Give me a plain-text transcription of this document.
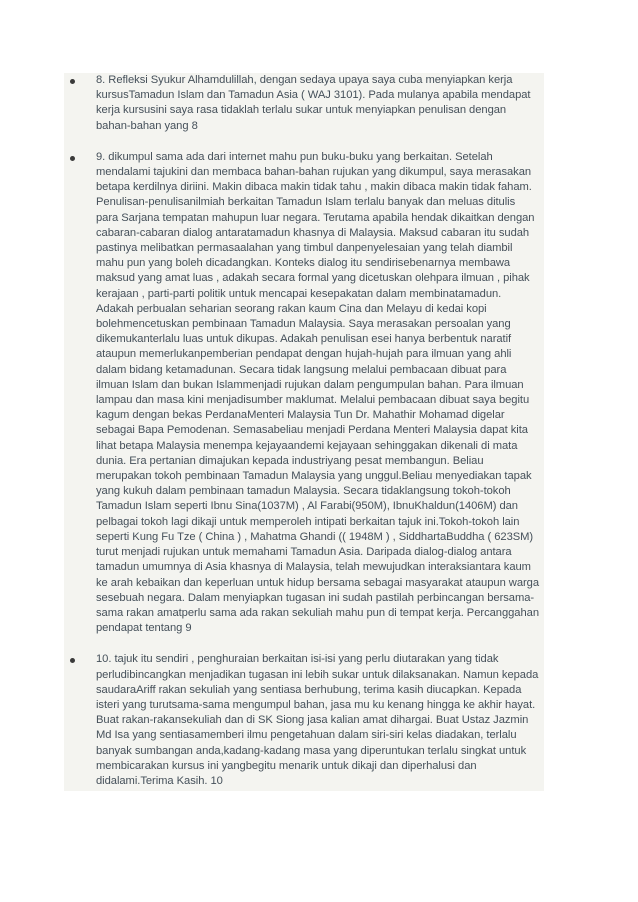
8. Refleksi Syukur Alhamdulillah, dengan sedaya upaya saya cuba menyiapkan kerja kursusTamadun Islam dan Tamadun Asia ( WAJ 3101). Pada mulanya apabila mendapat kerja kursusini saya rasa tidaklah terlalu sukar untuk menyiapkan penulisan dengan bahan-bahan yang 8
9. dikumpul sama ada dari internet mahu pun buku-buku yang berkaitan. Setelah mendalami tajukini dan membaca bahan-bahan rujukan yang dikumpul, saya merasakan betapa kerdilnya diriini. Makin dibaca makin tidak tahu , makin dibaca makin tidak faham. Penulisan-penulisanilmiah berkaitan Tamadun Islam terlalu banyak dan meluas ditulis para Sarjana tempatan mahupun luar negara. Terutama apabila hendak dikaitkan dengan cabaran-cabaran dialog antaratamadun khasnya di Malaysia. Maksud cabaran itu sudah pastinya melibatkan permasaalahan yang timbul danpenyelesaian yang telah diambil mahu pun yang boleh dicadangkan. Konteks dialog itu sendirisebenarnya membawa maksud yang amat luas , adakah secara formal yang dicetuskan olehpara ilmuan , pihak kerajaan , parti-parti politik untuk mencapai kesepakatan dalam membinatamadun. Adakah perbualan seharian seorang rakan kaum Cina dan Melayu di kedai kopi bolehmencetuskan pembinaan Tamadun Malaysia. Saya merasakan persoalan yang dikemukanterlalu luas untuk dikupas. Adakah penulisan esei hanya berbentuk naratif ataupun memerlukanpemberian pendapat dengan hujah-hujah para ilmuan yang ahli dalam bidang ketamadunan. Secara tidak langsung melalui pembacaan dibuat para ilmuan Islam dan bukan Islammenjadi rujukan dalam pengumpulan bahan. Para ilmuan lampau dan masa kini menjadisumber maklumat. Melalui pembacaan dibuat saya begitu kagum dengan bekas PerdanaMenteri Malaysia Tun Dr. Mahathir Mohamad digelar sebagai Bapa Pemodenan. Semasabeliau menjadi Perdana Menteri Malaysia dapat kita lihat betapa Malaysia menempa kejayaandemi kejayaan sehinggakan dikenali di mata dunia. Era pertanian dimajukan kepada industriyang pesat membangun. Beliau merupakan tokoh pembinaan Tamadun Malaysia yang unggul.Beliau menyediakan tapak yang kukuh dalam pembinaan tamadun Malaysia. Secara tidaklangsung tokoh-tokoh Tamadun Islam seperti Ibnu Sina(1037M) , Al Farabi(950M), IbnuKhaldun(1406M) dan pelbagai tokoh lagi dikaji untuk memperoleh intipati berkaitan tajuk ini.Tokoh-tokoh lain seperti Kung Fu Tze ( China ) , Mahatma Ghandi (( 1948M ) , SiddhartaBuddha ( 623SM) turut menjadi rujukan untuk memahami Tamadun Asia. Daripada dialog-dialog antara tamadun umumnya di Asia khasnya di Malaysia, telah mewujudkan interaksiantara kaum ke arah kebaikan dan keperluan untuk hidup bersama sebagai masyarakat ataupun warga sesebuah negara. Dalam menyiapkan tugasan ini sudah pastilah perbincangan bersama-sama rakan amatperlu sama ada rakan sekuliah mahu pun di tempat kerja. Percanggahan pendapat tentang 9
10. tajuk itu sendiri , penghuraian berkaitan isi-isi yang perlu diutarakan yang tidak perludibincangkan menjadikan tugasan ini lebih sukar untuk dilaksanakan. Namun kepada saudaraAriff rakan sekuliah yang sentiasa berhubung, terima kasih diucapkan. Kepada isteri yang turutsama-sama mengumpul bahan, jasa mu ku kenang hingga ke akhir hayat. Buat rakan-rakansekuliah dan di SK Siong jasa kalian amat dihargai. Buat Ustaz Jazmin Md Isa yang sentiasamemberi ilmu pengetahuan dalam siri-siri kelas diadakan, terlalu banyak sumbangan anda,kadang-kadang masa yang diperuntukan terlalu singkat untuk membicarakan kursus ini yangbegitu menarik untuk dikaji dan diperhalusi dan didalami.Terima Kasih. 10
